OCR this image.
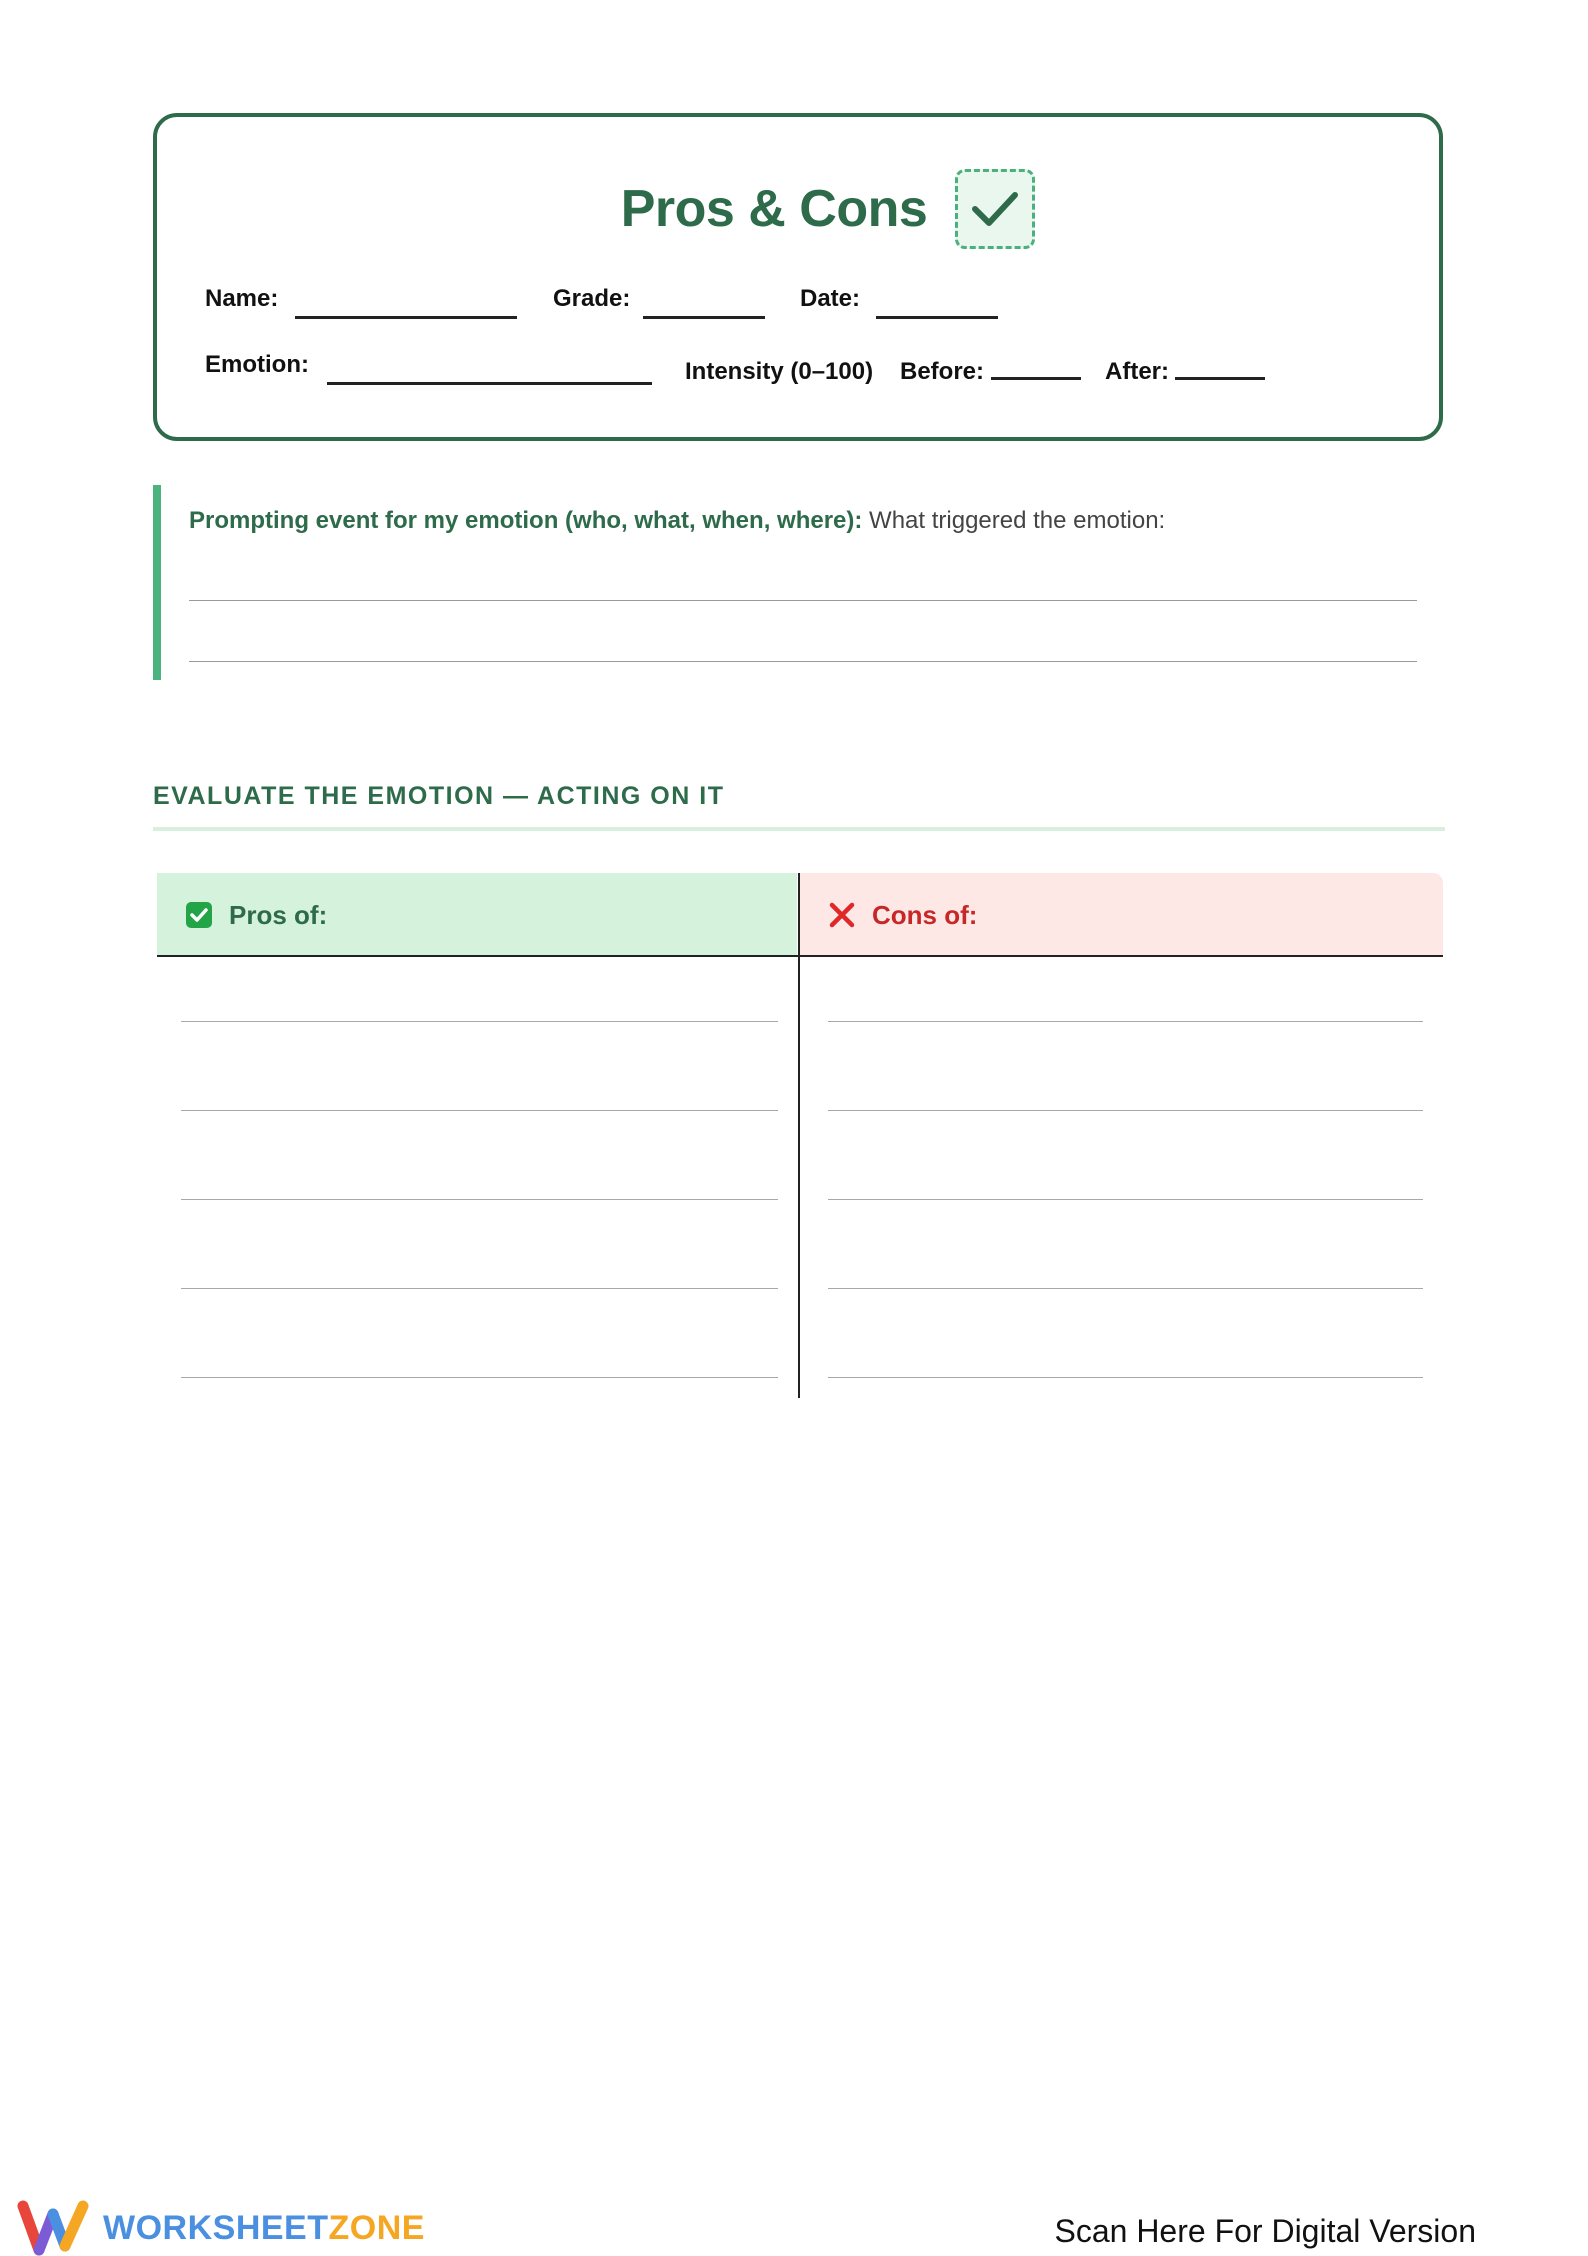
Pros & Cons
Name:	Grade:	Date:
Emotion:	Intensity (0–100) Before:	After:
Prompting event for my emotion (who, what, when, where): What triggered the emotion:
EVALUATE THE EMOTION — ACTING ON IT
Pros of:	Cons of:
WORKSHEETZONE	Scan Here For Digital Version
